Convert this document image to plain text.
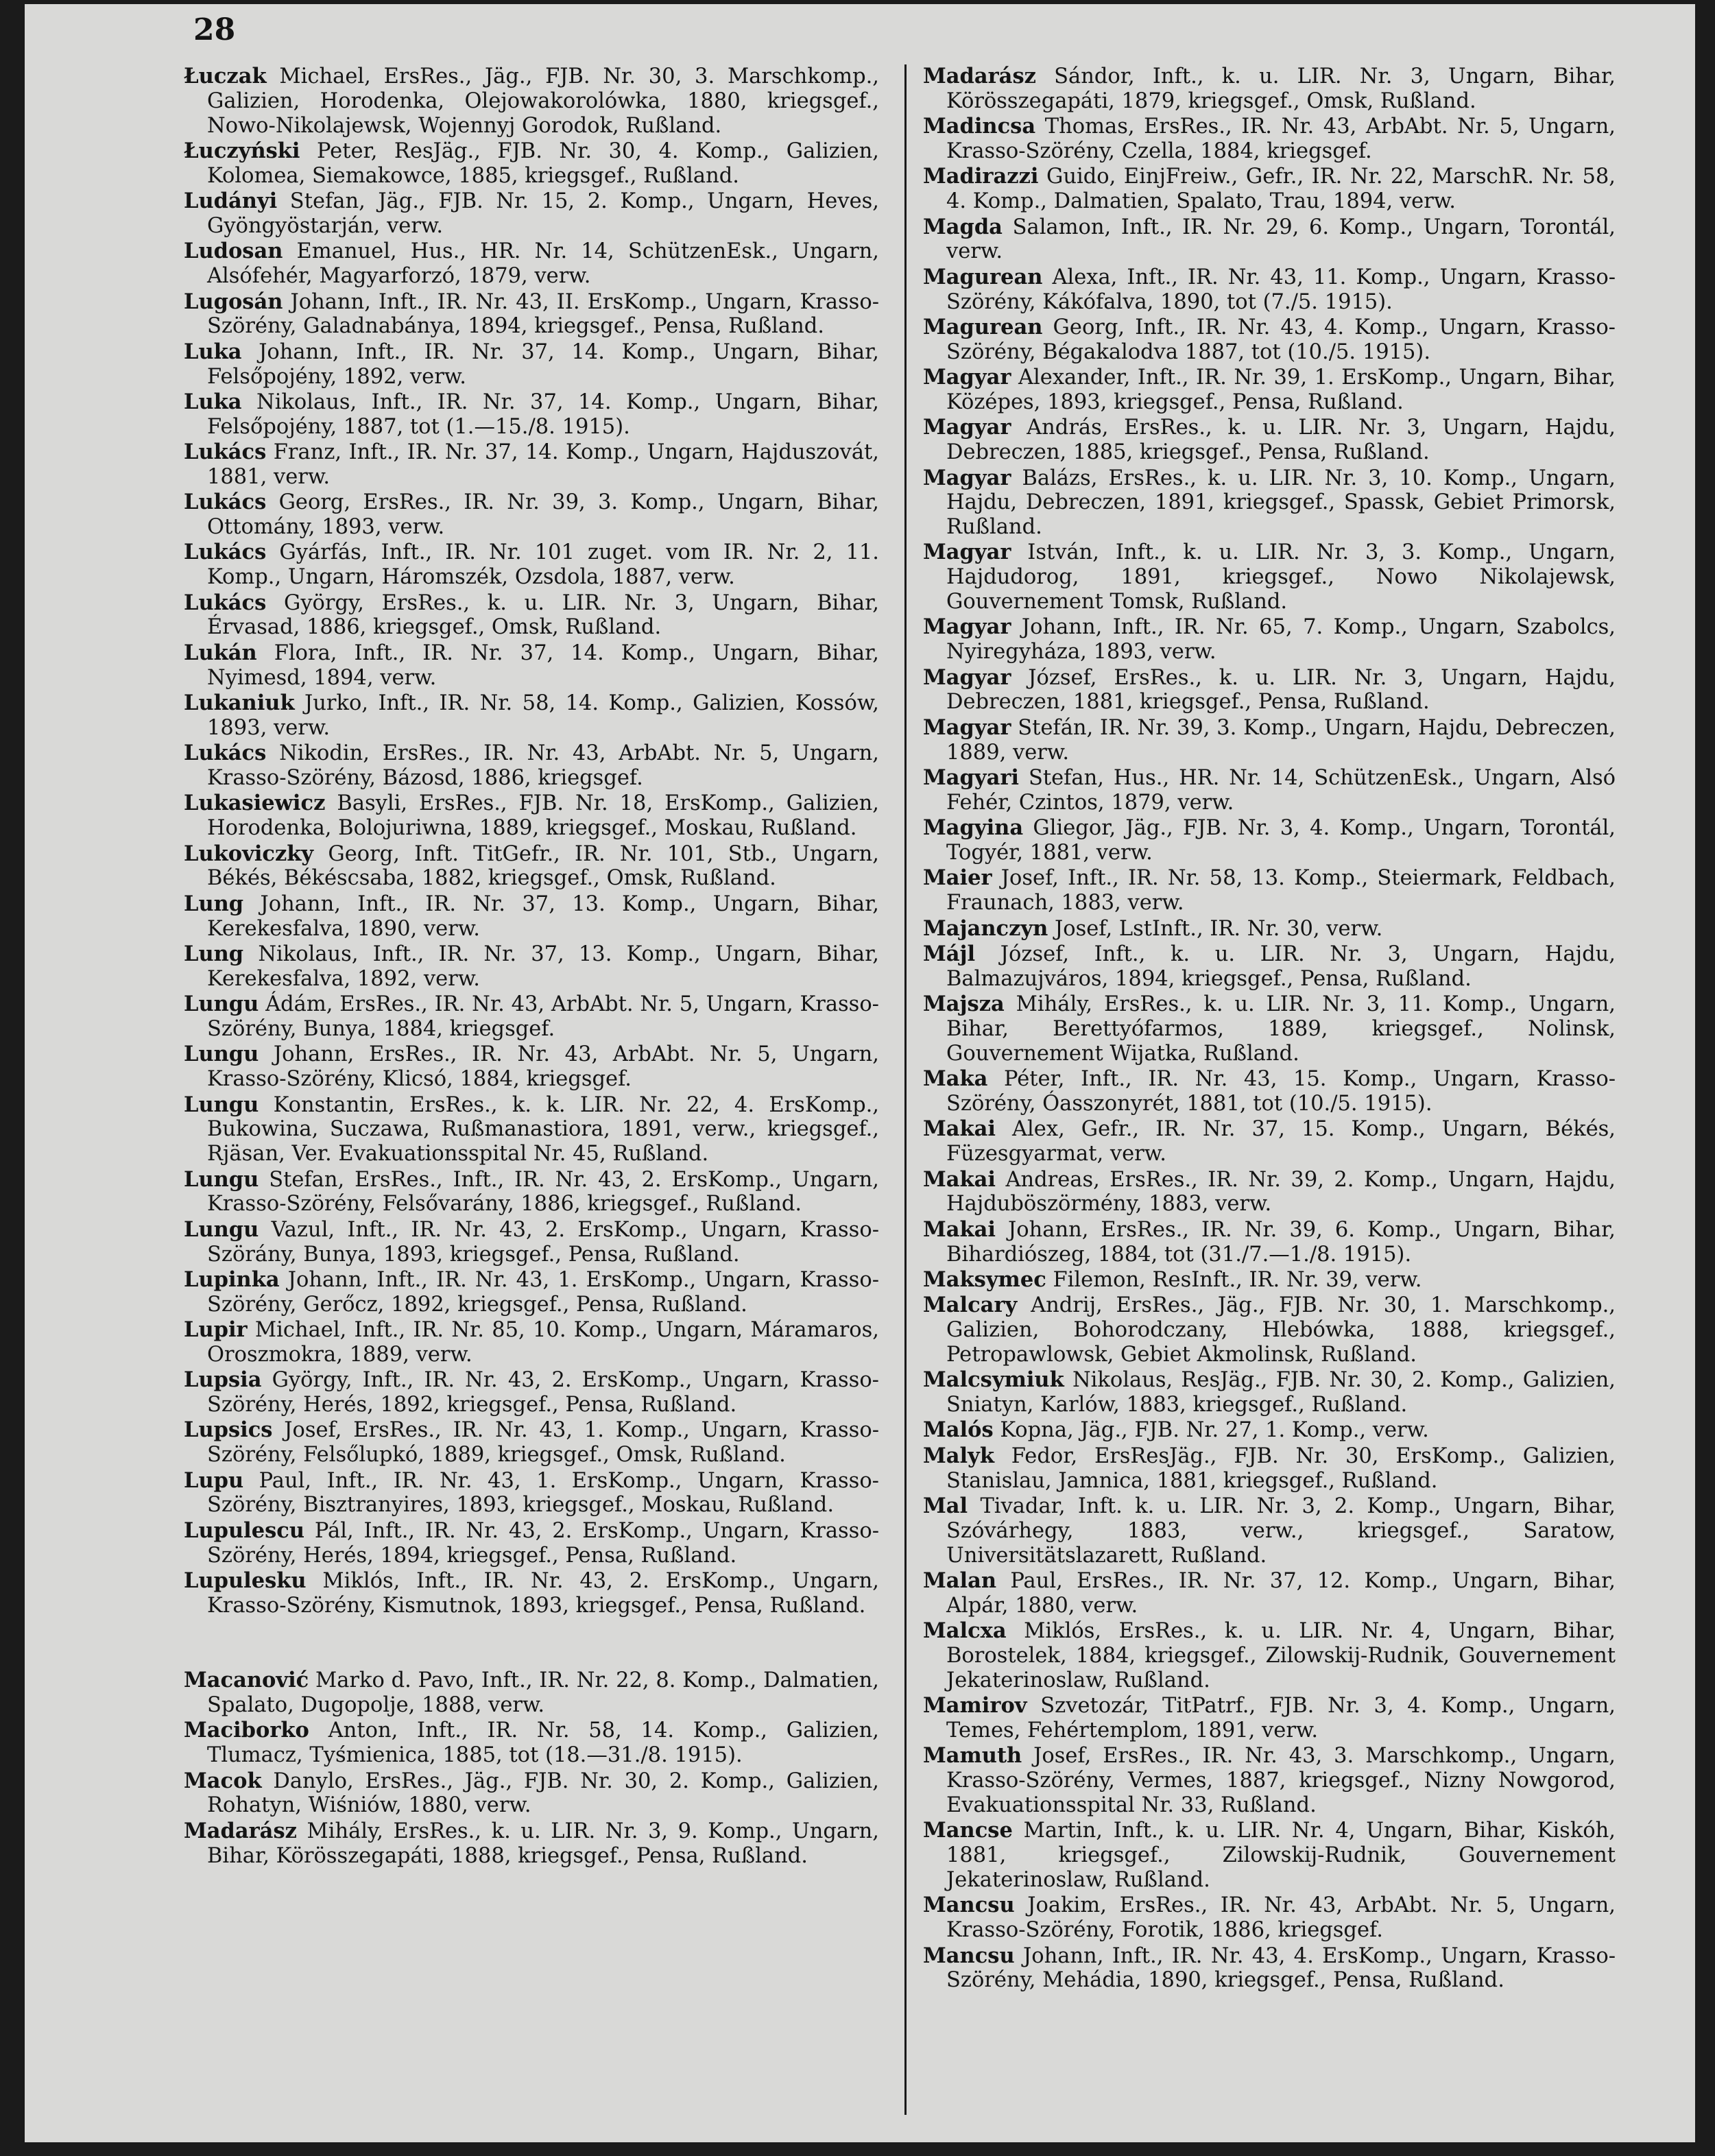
28
Łuczak Michael, ErsRes., Jäg., FJB. Nr. 30, 3. Marschkomp., Galizien, Horodenka, Olejowakorolówka, 1880, kriegsgef., Nowo-Nikolajewsk, Wojennyj Gorodok, Rußland.
Łuczyński Peter, ResJäg., FJB. Nr. 30, 4. Komp., Galizien, Kolomea, Siemakowce, 1885, kriegsgef., Rußland.
Ludányi Stefan, Jäg., FJB. Nr. 15, 2. Komp., Ungarn, Heves, Gyöngyöstarján, verw.
Ludosan Emanuel, Hus., HR. Nr. 14, SchützenEsk., Ungarn, Alsófehér, Magyarforzó, 1879, verw.
Lugosán Johann, Inft., IR. Nr. 43, II. ErsKomp., Ungarn, Krasso-Szörény, Galadnabánya, 1894, kriegsgef., Pensa, Rußland.
Luka Johann, Inft., IR. Nr. 37, 14. Komp., Ungarn, Bihar, Felsőpojény, 1892, verw.
Luka Nikolaus, Inft., IR. Nr. 37, 14. Komp., Ungarn, Bihar, Felsőpojény, 1887, tot (1.—15./8. 1915).
Lukács Franz, Inft., IR. Nr. 37, 14. Komp., Ungarn, Hajduszovát, 1881, verw.
Lukács Georg, ErsRes., IR. Nr. 39, 3. Komp., Ungarn, Bihar, Ottomány, 1893, verw.
Lukács Gyárfás, Inft., IR. Nr. 101 zuget. vom IR. Nr. 2, 11. Komp., Ungarn, Háromszék, Ozsdola, 1887, verw.
Lukács György, ErsRes., k. u. LIR. Nr. 3, Ungarn, Bihar, Érvasad, 1886, kriegsgef., Omsk, Rußland.
Lukán Flora, Inft., IR. Nr. 37, 14. Komp., Ungarn, Bihar, Nyimesd, 1894, verw.
Lukaniuk Jurko, Inft., IR. Nr. 58, 14. Komp., Galizien, Kossów, 1893, verw.
Lukács Nikodin, ErsRes., IR. Nr. 43, ArbAbt. Nr. 5, Ungarn, Krasso-Szörény, Bázosd, 1886, kriegsgef.
Lukasiewicz Basyli, ErsRes., FJB. Nr. 18, ErsKomp., Galizien, Horodenka, Bolojuriwna, 1889, kriegsgef., Moskau, Rußland.
Lukoviczky Georg, Inft. TitGefr., IR. Nr. 101, Stb., Ungarn, Békés, Békéscsaba, 1882, kriegsgef., Omsk, Rußland.
Lung Johann, Inft., IR. Nr. 37, 13. Komp., Ungarn, Bihar, Kerekesfalva, 1890, verw.
Lung Nikolaus, Inft., IR. Nr. 37, 13. Komp., Ungarn, Bihar, Kerekesfalva, 1892, verw.
Lungu Ádám, ErsRes., IR. Nr. 43, ArbAbt. Nr. 5, Ungarn, Krasso-Szörény, Bunya, 1884, kriegsgef.
Lungu Johann, ErsRes., IR. Nr. 43, ArbAbt. Nr. 5, Ungarn, Krasso-Szörény, Klicsó, 1884, kriegsgef.
Lungu Konstantin, ErsRes., k. k. LIR. Nr. 22, 4. ErsKomp., Bukowina, Suczawa, Rußmanastiora, 1891, verw., kriegsgef., Rjäsan, Ver. Evakuationsspital Nr. 45, Rußland.
Lungu Stefan, ErsRes., Inft., IR. Nr. 43, 2. ErsKomp., Ungarn, Krasso-Szörény, Felsővarány, 1886, kriegsgef., Rußland.
Lungu Vazul, Inft., IR. Nr. 43, 2. ErsKomp., Ungarn, Krasso-Szörány, Bunya, 1893, kriegsgef., Pensa, Rußland.
Lupinka Johann, Inft., IR. Nr. 43, 1. ErsKomp., Ungarn, Krasso-Szörény, Gerőcz, 1892, kriegsgef., Pensa, Rußland.
Lupir Michael, Inft., IR. Nr. 85, 10. Komp., Ungarn, Máramaros, Oroszmokra, 1889, verw.
Lupsia György, Inft., IR. Nr. 43, 2. ErsKomp., Ungarn, Krasso-Szörény, Herés, 1892, kriegsgef., Pensa, Rußland.
Lupsics Josef, ErsRes., IR. Nr. 43, 1. Komp., Ungarn, Krasso-Szörény, Felsőlupkó, 1889, kriegsgef., Omsk, Rußland.
Lupu Paul, Inft., IR. Nr. 43, 1. ErsKomp., Ungarn, Krasso-Szörény, Bisztranyires, 1893, kriegsgef., Moskau, Rußland.
Lupulescu Pál, Inft., IR. Nr. 43, 2. ErsKomp., Ungarn, Krasso-Szörény, Herés, 1894, kriegsgef., Pensa, Rußland.
Lupulesku Miklós, Inft., IR. Nr. 43, 2. ErsKomp., Ungarn, Krasso-Szörény, Kismutnok, 1893, kriegsgef., Pensa, Rußland.
Macanović Marko d. Pavo, Inft., IR. Nr. 22, 8. Komp., Dalmatien, Spalato, Dugopolje, 1888, verw.
Maciborko Anton, Inft., IR. Nr. 58, 14. Komp., Galizien, Tlumacz, Tyśmienica, 1885, tot (18.—31./8. 1915).
Macok Danylo, ErsRes., Jäg., FJB. Nr. 30, 2. Komp., Galizien, Rohatyn, Wiśniów, 1880, verw.
Madarász Mihály, ErsRes., k. u. LIR. Nr. 3, 9. Komp., Ungarn, Bihar, Körösszegapáti, 1888, kriegsgef., Pensa, Rußland.
Madarász Sándor, Inft., k. u. LIR. Nr. 3, Ungarn, Bihar, Körösszegapáti, 1879, kriegsgef., Omsk, Rußland.
Madincsa Thomas, ErsRes., IR. Nr. 43, ArbAbt. Nr. 5, Ungarn, Krasso-Szörény, Czella, 1884, kriegsgef.
Madirazzi Guido, EinjFreiw., Gefr., IR. Nr. 22, MarschR. Nr. 58, 4. Komp., Dalmatien, Spalato, Trau, 1894, verw.
Magda Salamon, Inft., IR. Nr. 29, 6. Komp., Ungarn, Torontál, verw.
Magurean Alexa, Inft., IR. Nr. 43, 11. Komp., Ungarn, Krasso-Szörény, Kákófalva, 1890, tot (7./5. 1915).
Magurean Georg, Inft., IR. Nr. 43, 4. Komp., Ungarn, Krasso-Szörény, Bégakalodva 1887, tot (10./5. 1915).
Magyar Alexander, Inft., IR. Nr. 39, 1. ErsKomp., Ungarn, Bihar, Középes, 1893, kriegsgef., Pensa, Rußland.
Magyar András, ErsRes., k. u. LIR. Nr. 3, Ungarn, Hajdu, Debreczen, 1885, kriegsgef., Pensa, Rußland.
Magyar Balázs, ErsRes., k. u. LIR. Nr. 3, 10. Komp., Ungarn, Hajdu, Debreczen, 1891, kriegsgef., Spassk, Gebiet Primorsk, Rußland.
Magyar István, Inft., k. u. LIR. Nr. 3, 3. Komp., Ungarn, Hajdudorog, 1891, kriegsgef., Nowo Nikolajewsk, Gouvernement Tomsk, Rußland.
Magyar Johann, Inft., IR. Nr. 65, 7. Komp., Ungarn, Szabolcs, Nyiregyháza, 1893, verw.
Magyar József, ErsRes., k. u. LIR. Nr. 3, Ungarn, Hajdu, Debreczen, 1881, kriegsgef., Pensa, Rußland.
Magyar Stefán, IR. Nr. 39, 3. Komp., Ungarn, Hajdu, Debreczen, 1889, verw.
Magyari Stefan, Hus., HR. Nr. 14, SchützenEsk., Ungarn, Alsó Fehér, Czintos, 1879, verw.
Magyina Gliegor, Jäg., FJB. Nr. 3, 4. Komp., Ungarn, Torontál, Togyér, 1881, verw.
Maier Josef, Inft., IR. Nr. 58, 13. Komp., Steiermark, Feldbach, Fraunach, 1883, verw.
Majanczyn Josef, LstInft., IR. Nr. 30, verw.
Májl József, Inft., k. u. LIR. Nr. 3, Ungarn, Hajdu, Balmazujváros, 1894, kriegsgef., Pensa, Rußland.
Majsza Mihály, ErsRes., k. u. LIR. Nr. 3, 11. Komp., Ungarn, Bihar, Berettyófarmos, 1889, kriegsgef., Nolinsk, Gouvernement Wijatka, Rußland.
Maka Péter, Inft., IR. Nr. 43, 15. Komp., Ungarn, Krasso-Szörény, Óasszonyrét, 1881, tot (10./5. 1915).
Makai Alex, Gefr., IR. Nr. 37, 15. Komp., Ungarn, Békés, Füzesgyarmat, verw.
Makai Andreas, ErsRes., IR. Nr. 39, 2. Komp., Ungarn, Hajdu, Hajduböszörmény, 1883, verw.
Makai Johann, ErsRes., IR. Nr. 39, 6. Komp., Ungarn, Bihar, Bihardiószeg, 1884, tot (31./7.—1./8. 1915).
Maksymec Filemon, ResInft., IR. Nr. 39, verw.
Malcary Andrij, ErsRes., Jäg., FJB. Nr. 30, 1. Marschkomp., Galizien, Bohorodczany, Hlebówka, 1888, kriegsgef., Petropawlowsk, Gebiet Akmolinsk, Rußland.
Malcsymiuk Nikolaus, ResJäg., FJB. Nr. 30, 2. Komp., Galizien, Sniatyn, Karlów, 1883, kriegsgef., Rußland.
Malós Kopna, Jäg., FJB. Nr. 27, 1. Komp., verw.
Malyk Fedor, ErsResJäg., FJB. Nr. 30, ErsKomp., Galizien, Stanislau, Jamnica, 1881, kriegsgef., Rußland.
Mal Tivadar, Inft. k. u. LIR. Nr. 3, 2. Komp., Ungarn, Bihar, Szóvárhegy, 1883, verw., kriegsgef., Saratow, Universitätslazarett, Rußland.
Malan Paul, ErsRes., IR. Nr. 37, 12. Komp., Ungarn, Bihar, Alpár, 1880, verw.
Malcxa Miklós, ErsRes., k. u. LIR. Nr. 4, Ungarn, Bihar, Borostelek, 1884, kriegsgef., Zilowskij-Rudnik, Gouvernement Jekaterinoslaw, Rußland.
Mamirov Szvetozár, TitPatrf., FJB. Nr. 3, 4. Komp., Ungarn, Temes, Fehértemplom, 1891, verw.
Mamuth Josef, ErsRes., IR. Nr. 43, 3. Marschkomp., Ungarn, Krasso-Szörény, Vermes, 1887, kriegsgef., Nizny Nowgorod, Evakuationsspital Nr. 33, Rußland.
Mancse Martin, Inft., k. u. LIR. Nr. 4, Ungarn, Bihar, Kiskóh, 1881, kriegsgef., Zilowskij-Rudnik, Gouvernement Jekaterinoslaw, Rußland.
Mancsu Joakim, ErsRes., IR. Nr. 43, ArbAbt. Nr. 5, Ungarn, Krasso-Szörény, Forotik, 1886, kriegsgef.
Mancsu Johann, Inft., IR. Nr. 43, 4. ErsKomp., Ungarn, Krasso-Szörény, Mehádia, 1890, kriegsgef., Pensa, Rußland.
